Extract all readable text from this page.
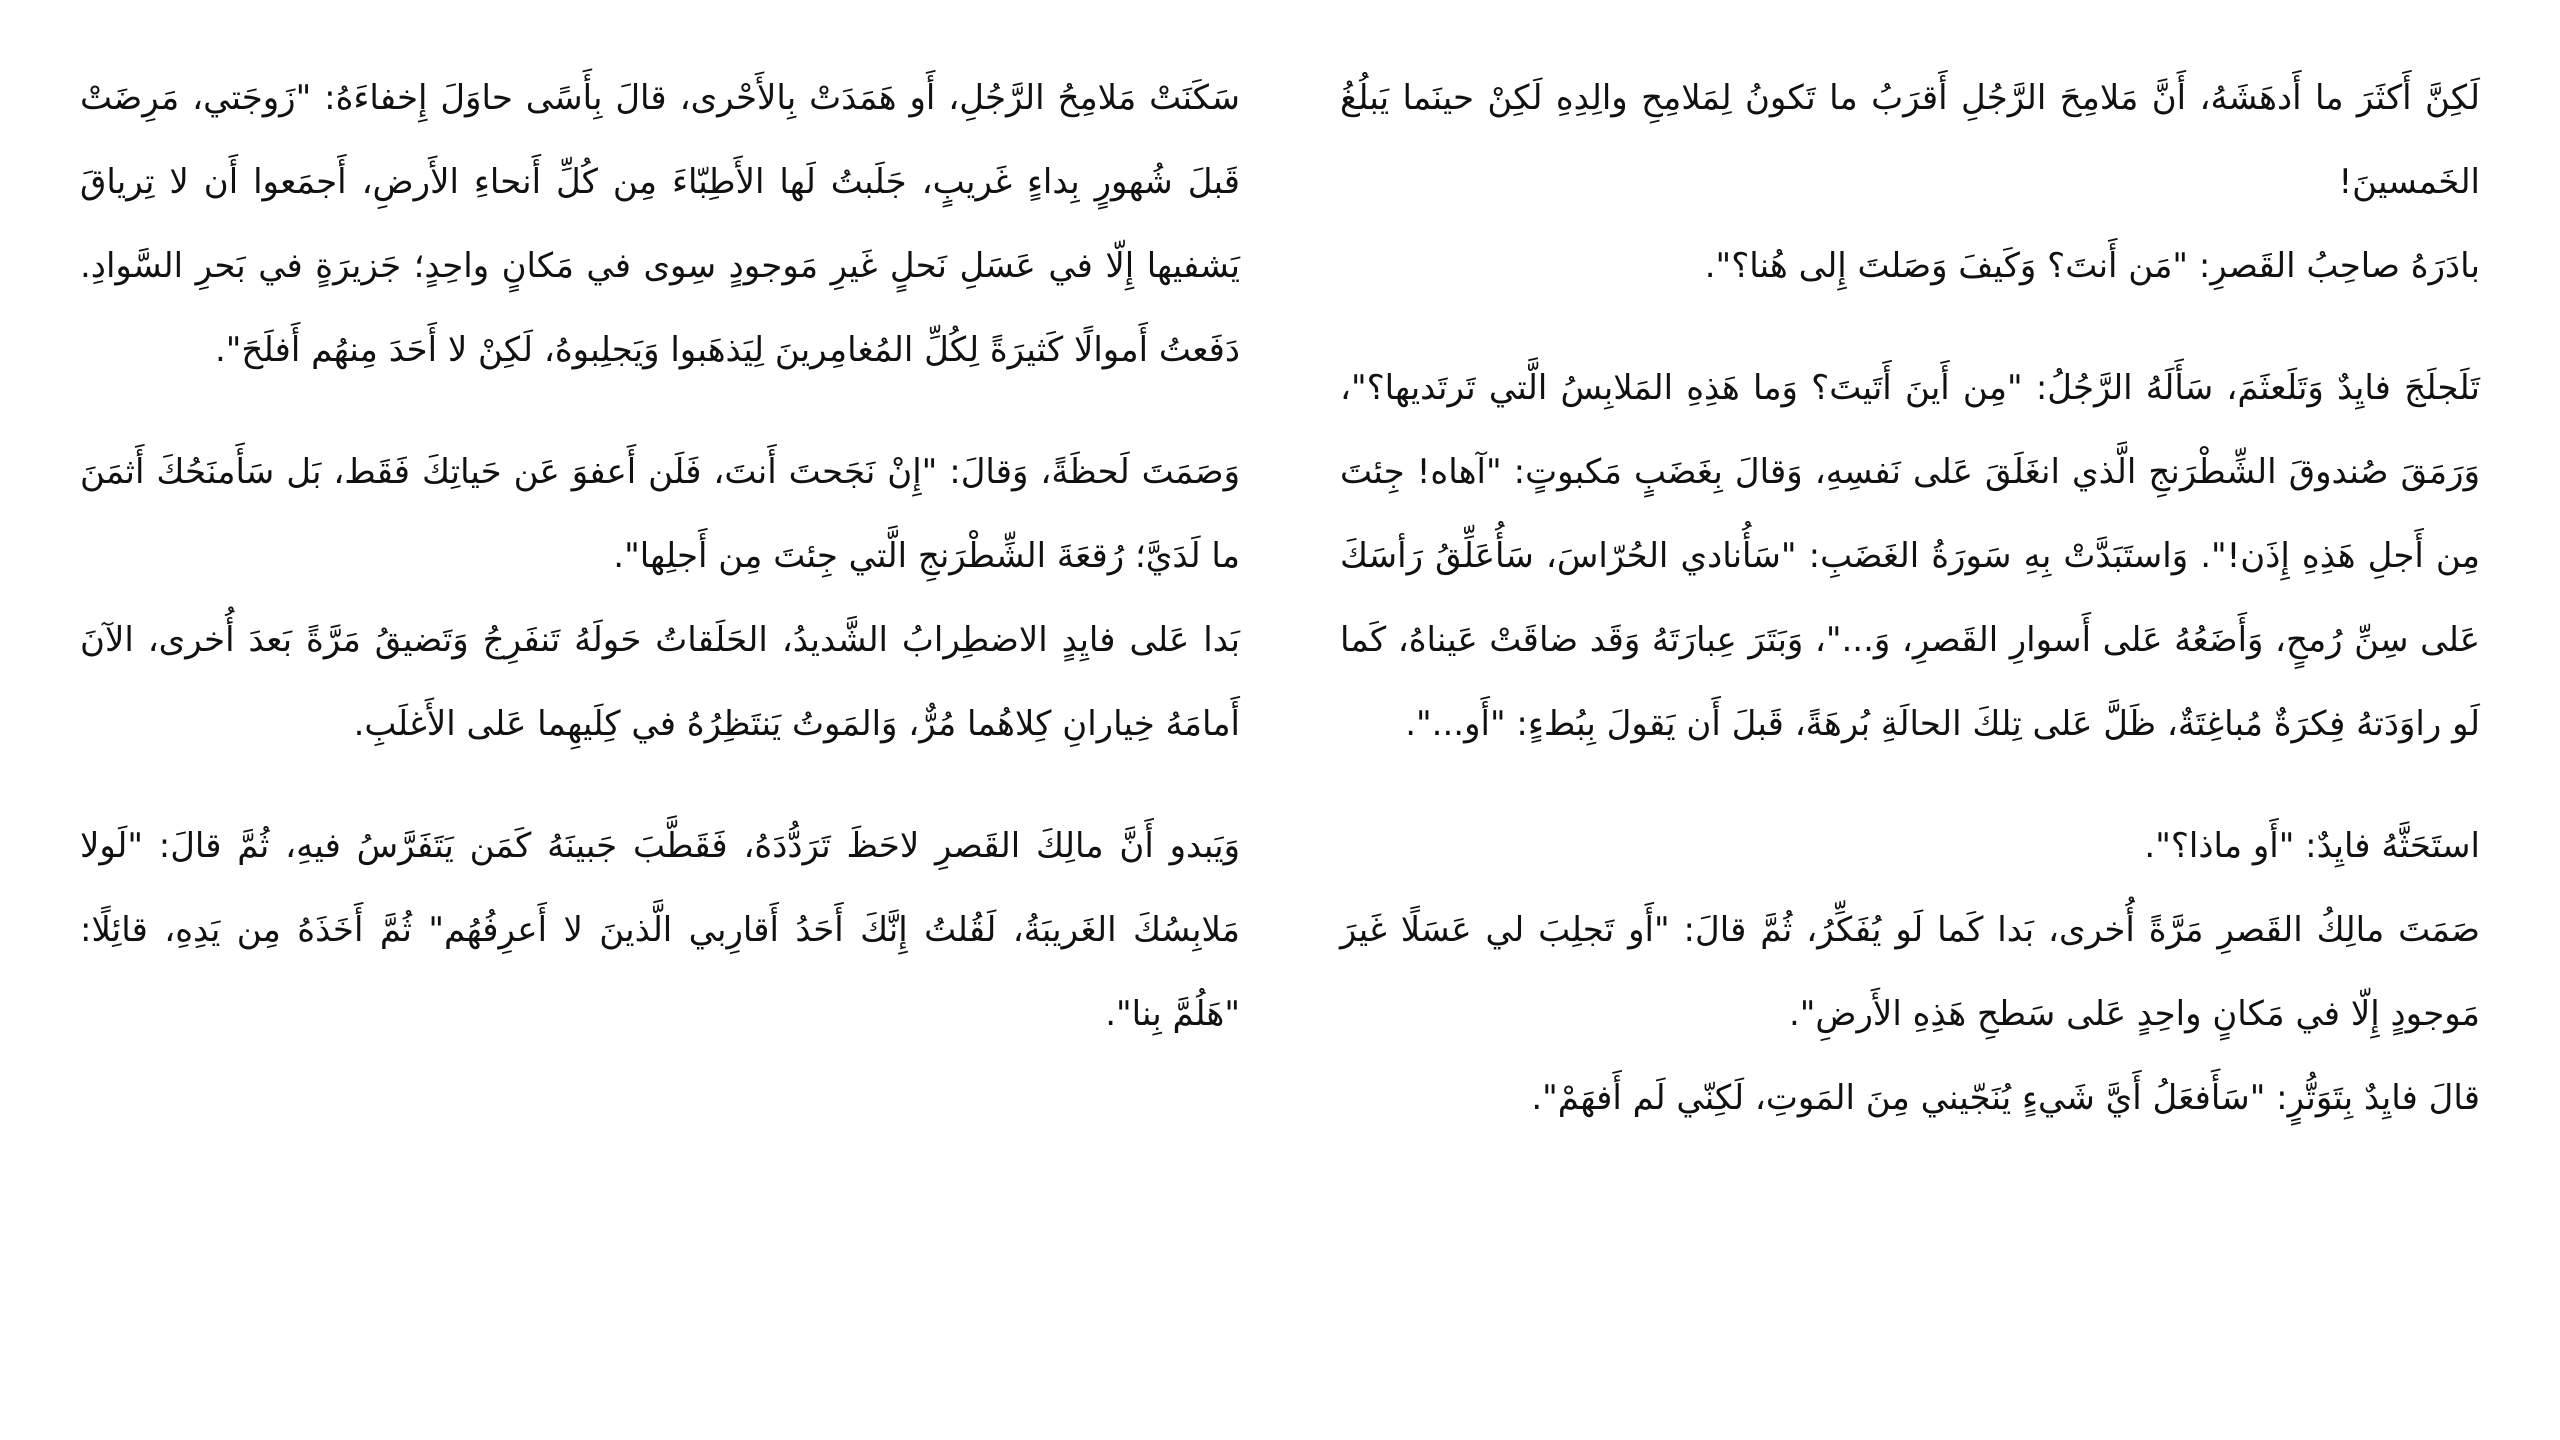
سَكَنَتْ مَلامِحُ الرَّجُلِ، أَو هَمَدَتْ بِالأَحْرى، قالَ بِأَسًى حاوَلَ إِخفاءَهُ: "زَوجَتي، مَرِضَتْ قَبلَ شُهورٍ بِداءٍ غَريبٍ، جَلَبتُ لَها الأَطِبّاءَ مِن كُلِّ أَنحاءِ الأَرضِ، أَجمَعوا أَن لا تِرياقَ يَشفيها إِلّا في عَسَلِ نَحلٍ غَيرِ مَوجودٍ سِوى في مَكانٍ واحِدٍ؛ جَزيرَةٍ في بَحرِ السَّوادِ. دَفَعتُ أَموالًا كَثيرَةً لِكُلِّ المُغامِرينَ لِيَذهَبوا وَيَجلِبوهُ، لَكِنْ لا أَحَدَ مِنهُم أَفلَحَ".

وَصَمَتَ لَحظَةً، وَقالَ: "إِنْ نَجَحتَ أَنتَ، فَلَن أَعفوَ عَن حَياتِكَ فَقَط، بَل سَأَمنَحُكَ أَثمَنَ ما لَدَيَّ؛ رُقعَةَ الشِّطْرَنجِ الَّتي جِئتَ مِن أَجلِها".

بَدا عَلى فايِدٍ الاضطِرابُ الشَّديدُ، الحَلَقاتُ حَولَهُ تَنفَرِجُ وَتَضيقُ مَرَّةً بَعدَ أُخرى، الآنَ أَمامَهُ خِيارانِ كِلاهُما مُرٌّ، وَالمَوتُ يَنتَظِرُهُ في كِلَيهِما عَلى الأَغلَبِ.

وَيَبدو أَنَّ مالِكَ القَصرِ لاحَظَ تَرَدُّدَهُ، فَقَطَّبَ جَبينَهُ كَمَن يَتَفَرَّسُ فيهِ، ثُمَّ قالَ: "لَولا مَلابِسُكَ الغَريبَةُ، لَقُلتُ إِنَّكَ أَحَدُ أَقارِبي الَّذينَ لا أَعرِفُهُم" ثُمَّ أَخَذَهُ مِن يَدِهِ، قائِلًا: "هَلُمَّ بِنا".

لَكِنَّ أَكثَرَ ما أَدهَشَهُ، أَنَّ مَلامِحَ الرَّجُلِ أَقرَبُ ما تَكونُ لِمَلامِحِ والِدِهِ لَكِنْ حينَما يَبلُغُ الخَمسينَ!

بادَرَهُ صاحِبُ القَصرِ: "مَن أَنتَ؟ وَكَيفَ وَصَلتَ إِلى هُنا؟".

تَلَجلَجَ فايِدٌ وَتَلَعثَمَ، سَأَلَهُ الرَّجُلُ: "مِن أَينَ أَتَيتَ؟ وَما هَذِهِ المَلابِسُ الَّتي تَرتَديها؟"، وَرَمَقَ صُندوقَ الشِّطْرَنجِ الَّذي انغَلَقَ عَلى نَفسِهِ، وَقالَ بِغَضَبٍ مَكبوتٍ: "آهاه! جِئتَ مِن أَجلِ هَذِهِ إِذَن!". وَاستَبَدَّتْ بِهِ سَورَةُ الغَضَبِ: "سَأُنادي الحُرّاسَ، سَأُعَلِّقُ رَأسَكَ عَلى سِنِّ رُمحٍ، وَأَضَعُهُ عَلى أَسوارِ القَصرِ، وَ..."، وَبَتَرَ عِبارَتَهُ وَقَد ضاقَتْ عَيناهُ، كَما لَو راوَدَتهُ فِكرَةٌ مُباغِتَةٌ، ظَلَّ عَلى تِلكَ الحالَةِ بُرهَةً، قَبلَ أَن يَقولَ بِبُطءٍ: "أَو...".

استَحَثَّهُ فايِدٌ: "أَو ماذا؟".

صَمَتَ مالِكُ القَصرِ مَرَّةً أُخرى، بَدا كَما لَو يُفَكِّرُ، ثُمَّ قالَ: "أَو تَجلِبَ لي عَسَلًا غَيرَ مَوجودٍ إِلّا في مَكانٍ واحِدٍ عَلى سَطحِ هَذِهِ الأَرضِ".

قالَ فايِدٌ بِتَوَتُّرٍ: "سَأَفعَلُ أَيَّ شَيءٍ يُنَجّيني مِنَ المَوتِ، لَكِنّي لَم أَفهَمْ".
